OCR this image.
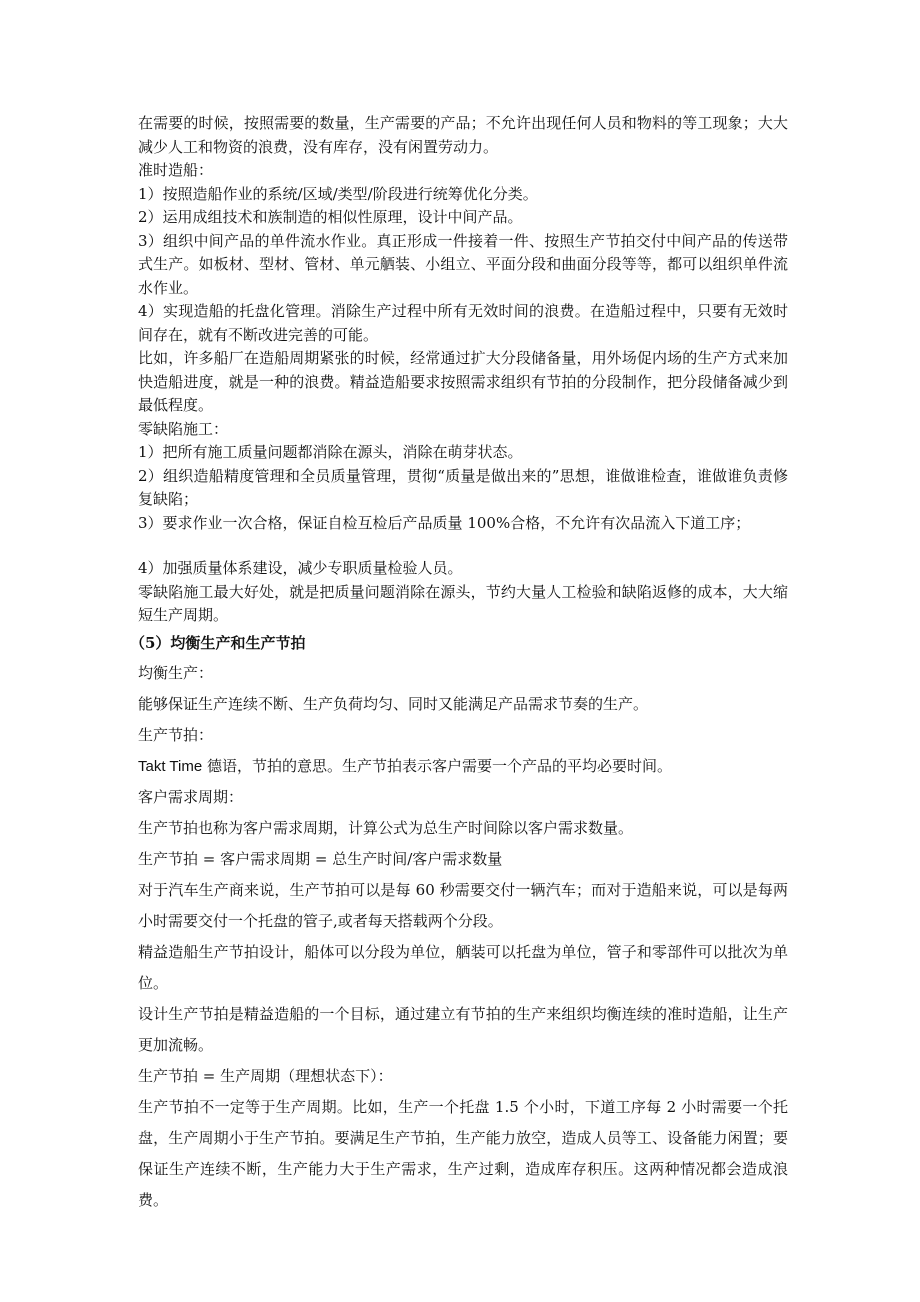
在需要的时候，按照需要的数量，生产需要的产品；不允许出现任何人员和物料的等工现象；大大减少人工和物资的浪费，没有库存，没有闲置劳动力。

准时造船：

1）按照造船作业的系统/区域/类型/阶段进行统筹优化分类。

2）运用成组技术和族制造的相似性原理，设计中间产品。

3）组织中间产品的单件流水作业。真正形成一件接着一件、按照生产节拍交付中间产品的传送带式生产。如板材、型材、管材、单元舾装、小组立、平面分段和曲面分段等等，都可以组织单件流水作业。

4）实现造船的托盘化管理。消除生产过程中所有无效时间的浪费。在造船过程中，只要有无效时间存在，就有不断改进完善的可能。

比如，许多船厂在造船周期紧张的时候，经常通过扩大分段储备量，用外场促内场的生产方式来加快造船进度，就是一种的浪费。精益造船要求按照需求组织有节拍的分段制作，把分段储备减少到最低程度。

零缺陷施工：

1）把所有施工质量问题都消除在源头，消除在萌芽状态。

2）组织造船精度管理和全员质量管理，贯彻“质量是做出来的”思想，谁做谁检查，谁做谁负责修复缺陷；

3）要求作业一次合格，保证自检互检后产品质量 100%合格，不允许有次品流入下道工序；

4）加强质量体系建设，减少专职质量检验人员。

零缺陷施工最大好处，就是把质量问题消除在源头，节约大量人工检验和缺陷返修的成本，大大缩短生产周期。

（5）均衡生产和生产节拍

均衡生产：

能够保证生产连续不断、生产负荷均匀、同时又能满足产品需求节奏的生产。

生产节拍：

Takt Time 德语，节拍的意思。生产节拍表示客户需要一个产品的平均必要时间。

客户需求周期：

生产节拍也称为客户需求周期，计算公式为总生产时间除以客户需求数量。

生产节拍 = 客户需求周期 = 总生产时间/客户需求数量

对于汽车生产商来说，生产节拍可以是每 60 秒需要交付一辆汽车；而对于造船来说，可以是每两小时需要交付一个托盘的管子,或者每天搭载两个分段。

精益造船生产节拍设计，船体可以分段为单位，舾装可以托盘为单位，管子和零部件可以批次为单位。

设计生产节拍是精益造船的一个目标，通过建立有节拍的生产来组织均衡连续的准时造船，让生产更加流畅。

生产节拍 = 生产周期（理想状态下）：

生产节拍不一定等于生产周期。比如，生产一个托盘 1.5 个小时，下道工序每 2 小时需要一个托盘，生产周期小于生产节拍。要满足生产节拍，生产能力放空，造成人员等工、设备能力闲置；要保证生产连续不断，生产能力大于生产需求，生产过剩，造成库存积压。这两种情况都会造成浪费。
